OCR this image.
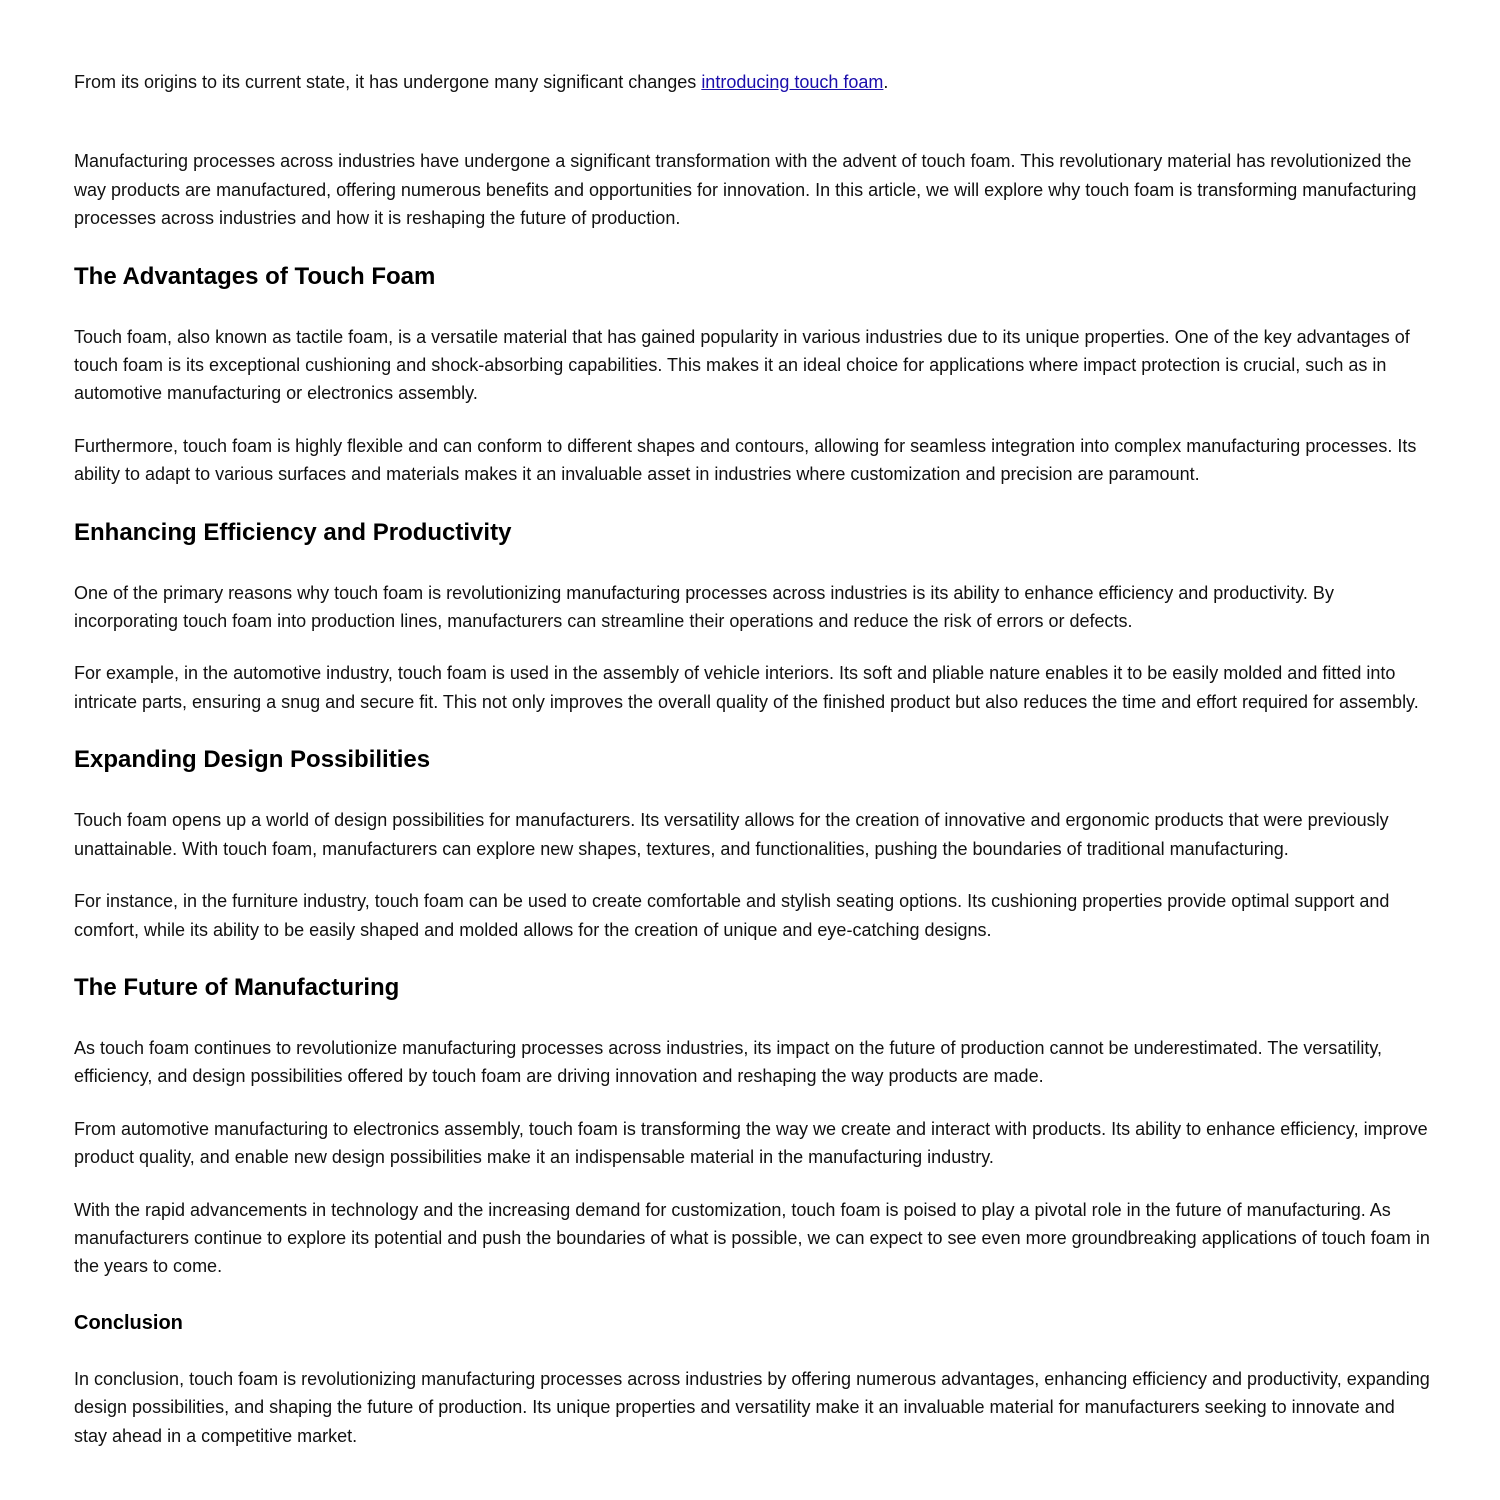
From its origins to its current state, it has undergone many significant changes introducing touch foam.

Manufacturing processes across industries have undergone a significant transformation with the advent of touch foam. This revolutionary material has revolutionized the way products are manufactured, offering numerous benefits and opportunities for innovation. In this article, we will explore why touch foam is transforming manufacturing processes across industries and how it is reshaping the future of production.

The Advantages of Touch Foam

Touch foam, also known as tactile foam, is a versatile material that has gained popularity in various industries due to its unique properties. One of the key advantages of touch foam is its exceptional cushioning and shock-absorbing capabilities. This makes it an ideal choice for applications where impact protection is crucial, such as in automotive manufacturing or electronics assembly.

Furthermore, touch foam is highly flexible and can conform to different shapes and contours, allowing for seamless integration into complex manufacturing processes. Its ability to adapt to various surfaces and materials makes it an invaluable asset in industries where customization and precision are paramount.

Enhancing Efficiency and Productivity

One of the primary reasons why touch foam is revolutionizing manufacturing processes across industries is its ability to enhance efficiency and productivity. By incorporating touch foam into production lines, manufacturers can streamline their operations and reduce the risk of errors or defects.

For example, in the automotive industry, touch foam is used in the assembly of vehicle interiors. Its soft and pliable nature enables it to be easily molded and fitted into intricate parts, ensuring a snug and secure fit. This not only improves the overall quality of the finished product but also reduces the time and effort required for assembly.

Expanding Design Possibilities

Touch foam opens up a world of design possibilities for manufacturers. Its versatility allows for the creation of innovative and ergonomic products that were previously unattainable. With touch foam, manufacturers can explore new shapes, textures, and functionalities, pushing the boundaries of traditional manufacturing.

For instance, in the furniture industry, touch foam can be used to create comfortable and stylish seating options. Its cushioning properties provide optimal support and comfort, while its ability to be easily shaped and molded allows for the creation of unique and eye-catching designs.

The Future of Manufacturing

As touch foam continues to revolutionize manufacturing processes across industries, its impact on the future of production cannot be underestimated. The versatility, efficiency, and design possibilities offered by touch foam are driving innovation and reshaping the way products are made.

From automotive manufacturing to electronics assembly, touch foam is transforming the way we create and interact with products. Its ability to enhance efficiency, improve product quality, and enable new design possibilities make it an indispensable material in the manufacturing industry.

With the rapid advancements in technology and the increasing demand for customization, touch foam is poised to play a pivotal role in the future of manufacturing. As manufacturers continue to explore its potential and push the boundaries of what is possible, we can expect to see even more groundbreaking applications of touch foam in the years to come.

Conclusion

In conclusion, touch foam is revolutionizing manufacturing processes across industries by offering numerous advantages, enhancing efficiency and productivity, expanding design possibilities, and shaping the future of production. Its unique properties and versatility make it an invaluable material for manufacturers seeking to innovate and stay ahead in a competitive market.
